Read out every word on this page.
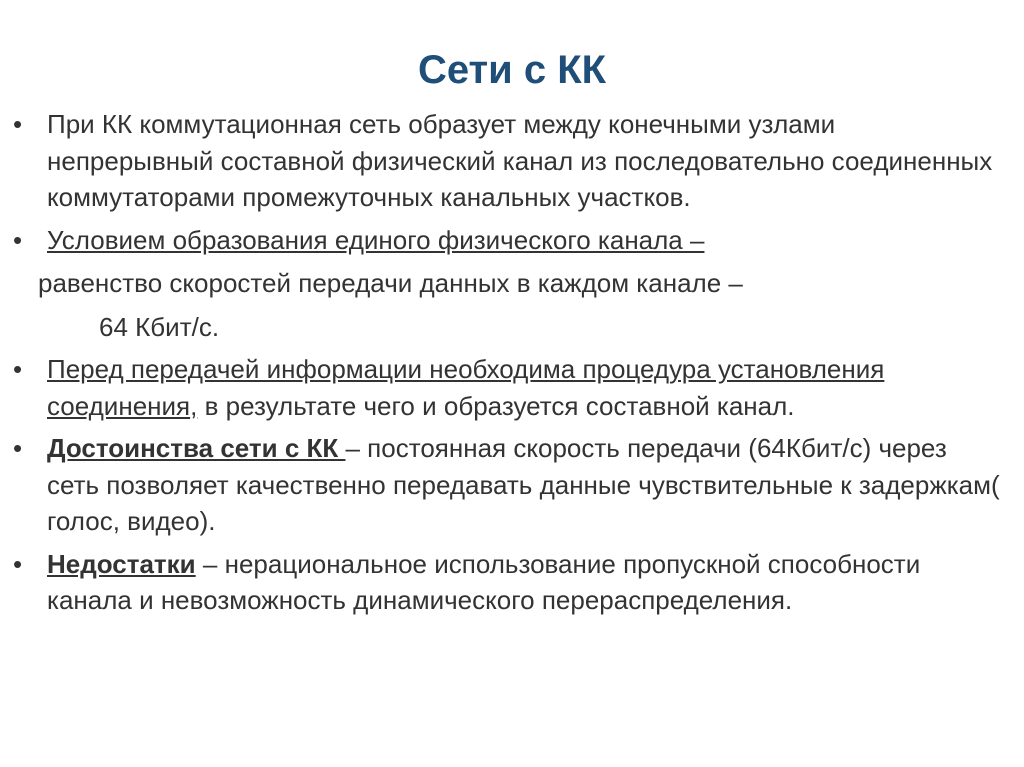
Сети с КК
• При КК коммутационная сеть образует между конечными узлами непрерывный составной физический канал из последовательно соединенных коммутаторами промежуточных канальных участков.
• Условием образования единого физического канала –
равенство скоростей передачи данных в каждом канале –
64 Кбит/с.
• Перед передачей информации необходима процедура установления соединения, в результате чего и образуется составной канал.
• Достоинства сети с КК – постоянная скорость передачи (64Кбит/с) через сеть позволяет качественно передавать данные чувствительные к задержкам( голос, видео).
• Недостатки – нерациональное использование пропускной способности канала и невозможность динамического перераспределения.
